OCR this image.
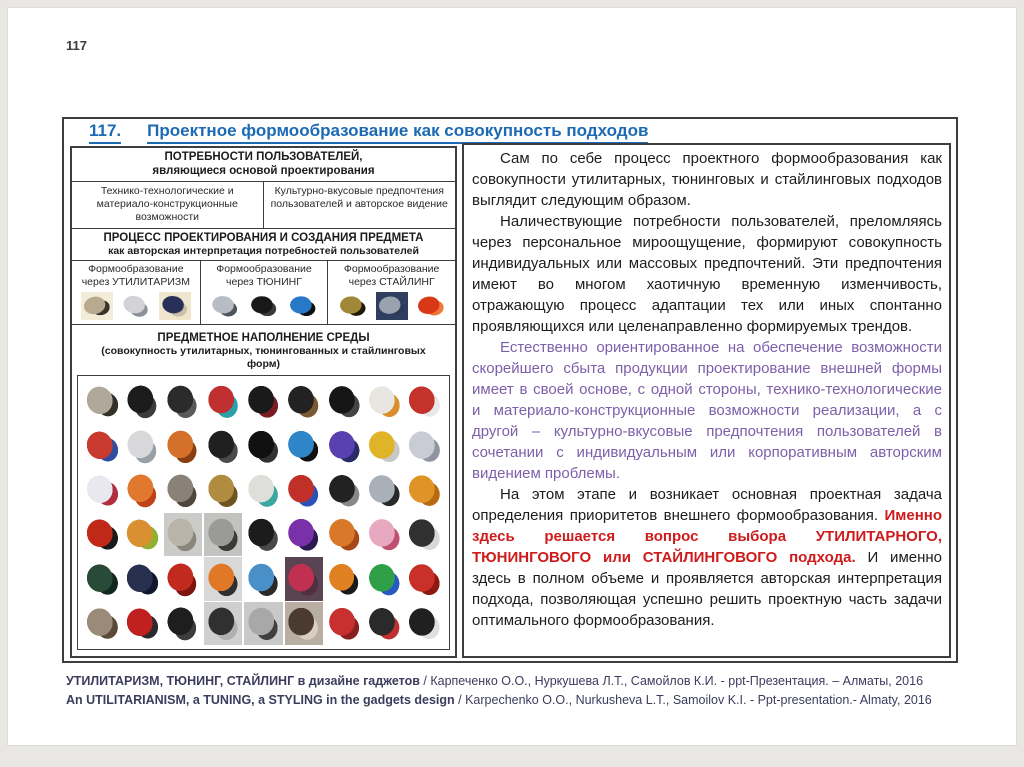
117
117. Проектное формообразование как совокупность подходов
ПОТРЕБНОСТИ ПОЛЬЗОВАТЕЛЕЙ,
являющиеся основой проектирования
Технико-технологические и материало-конструкционные возможности
Культурно-вкусовые предпочтения пользователей и авторское видение
ПРОЦЕСС ПРОЕКТИРОВАНИЯ И СОЗДАНИЯ ПРЕДМЕТА
как авторская интерпретация потребностей пользователей
Формообразование
через УТИЛИТАРИЗМ
Формообразование
через ТЮНИНГ
Формообразование
через СТАЙЛИНГ
ПРЕДМЕТНОЕ НАПОЛНЕНИЕ СРЕДЫ
(совокупность утилитарных, тюнингованных и стайлинговых
форм)

Сам по себе процесс проектного формообразования как совокупности утилитарных, тюнинговых и стайлинговых подходов выглядит следующим образом.

Наличествующие потребности пользователей, преломляясь через персональное мироощущение, формируют совокупность индивидуальных или массовых предпочтений. Эти предпочтения имеют во многом хаотичную временную изменчивость, отражающую процесс адаптации тех или иных спонтанно проявляющихся или целенаправленно формируемых трендов.

Естественно ориентированное на обеспечение возможности скорейшего сбыта продукции проектирование внешней формы имеет в своей основе, с одной стороны, технико-технологические и материало-конструкционные возможности реализации, а с другой – культурно-вкусовые предпочтения пользователей в сочетании с индивидуальным или корпоративным авторским видением проблемы.

На этом этапе и возникает основная проектная задача определения приоритетов внешнего формообразования. Именно здесь решается вопрос выбора УТИЛИТАРНОГО, ТЮНИНГОВОГО или СТАЙЛИНГОВОГО подхода. И именно здесь в полном объеме и проявляется авторская интерпретация подхода, позволяющая успешно решить проектную часть задачи оптимального формообразования.

УТИЛИТАРИЗМ, ТЮНИНГ, СТАЙЛИНГ в дизайне гаджетов / Карпеченко О.О., Нуркушева Л.Т., Самойлов К.И. - ppt-Презентация. – Алматы, 2016
An UTILITARIANISM, a TUNING, a STYLING in the gadgets design / Karpechenko O.O., Nurkusheva L.T., Samoilov K.I. - Ppt-presentation.- Almaty, 2016
